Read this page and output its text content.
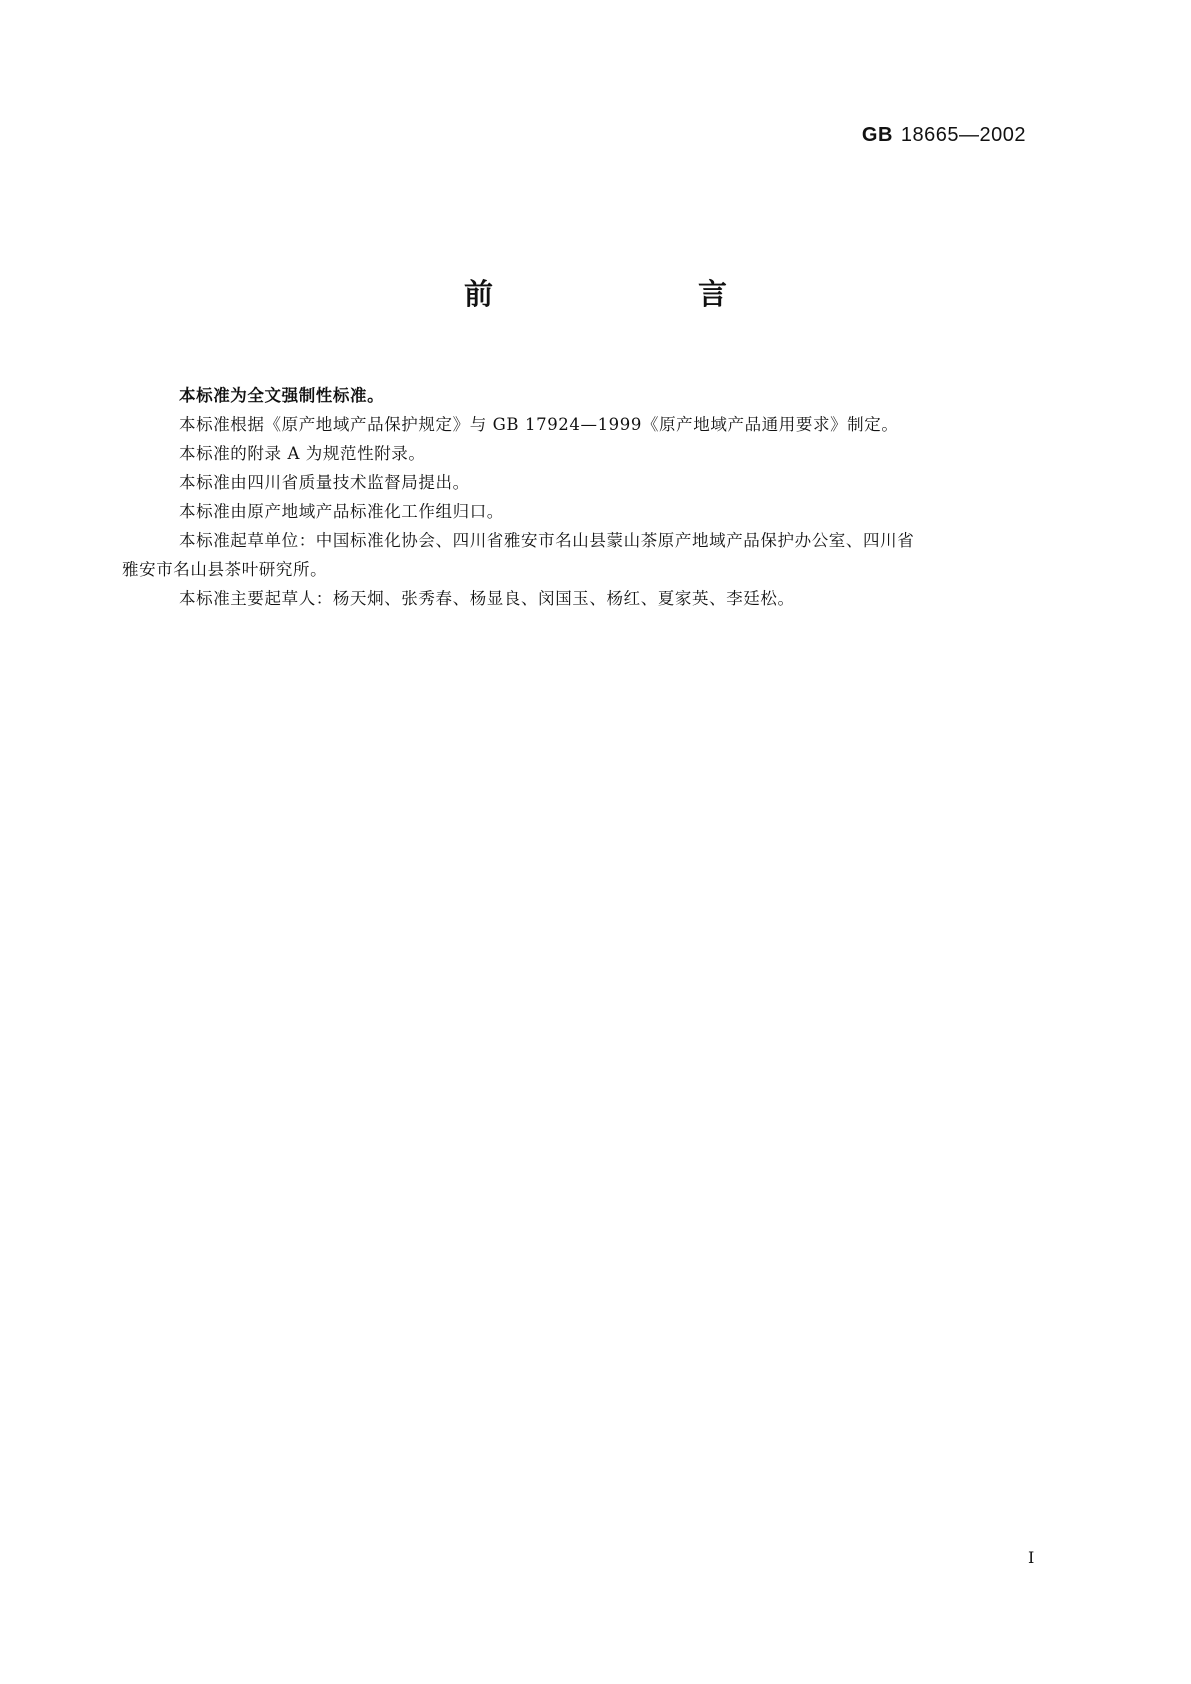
GB 18665—2002
前　言

本标准为全文强制性标准。

本标准根据《原产地域产品保护规定》与 GB 17924—1999《原产地域产品通用要求》制定。

本标准的附录 A 为规范性附录。

本标准由四川省质量技术监督局提出。

本标准由原产地域产品标准化工作组归口。

本标准起草单位：中国标准化协会、四川省雅安市名山县蒙山茶原产地域产品保护办公室、四川省
雅安市名山县茶叶研究所。

本标准主要起草人：杨天炯、张秀春、杨显良、闵国玉、杨红、夏家英、李廷松。

I
